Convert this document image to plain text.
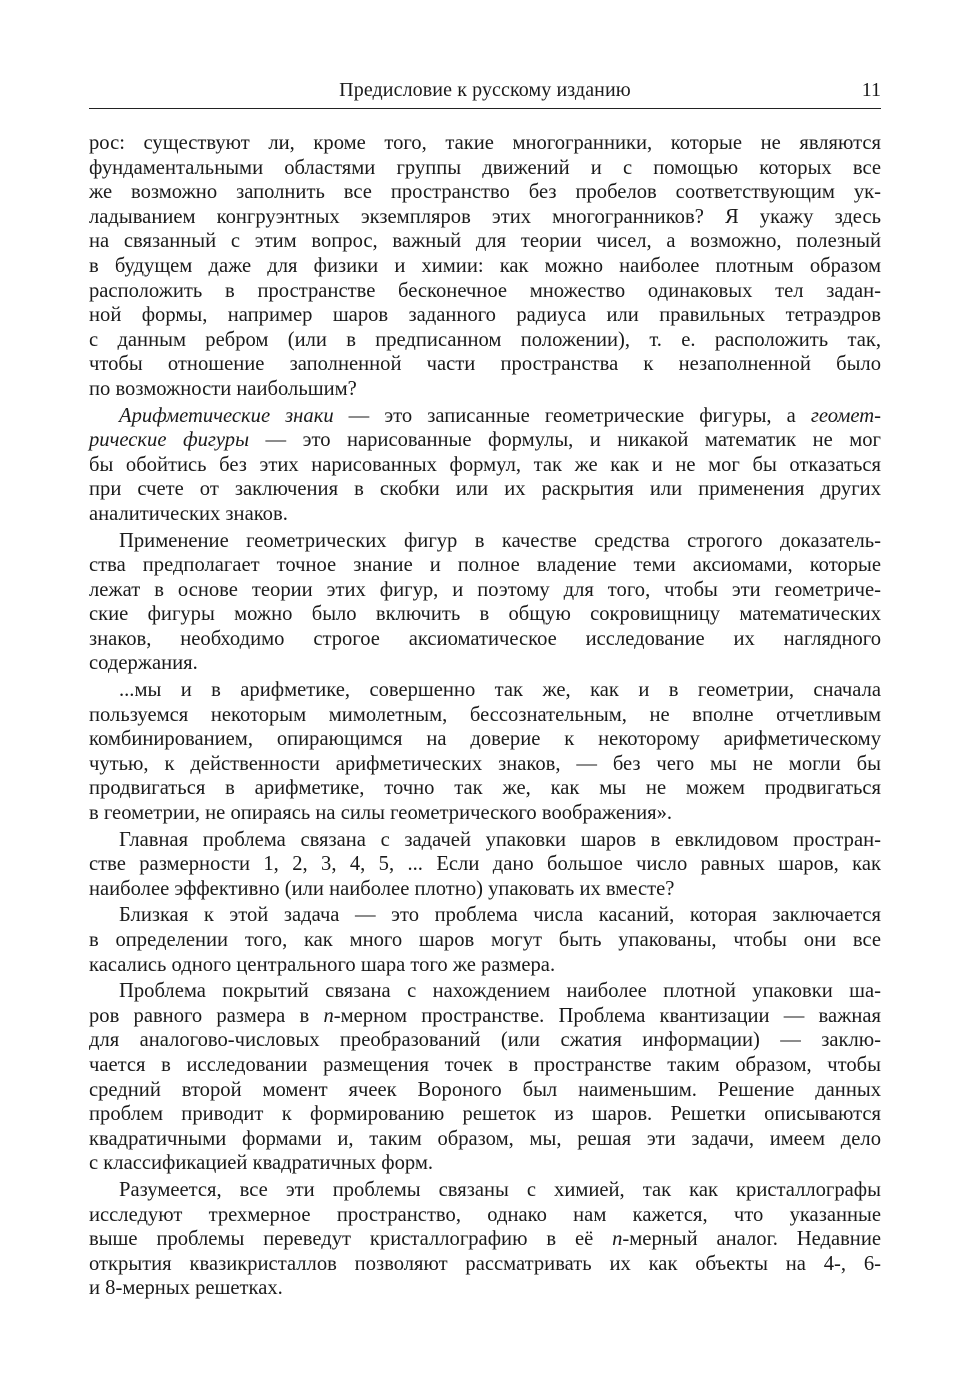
Предисловие к русскому изданию	11

рос: существуют ли, кроме того, такие многогранники, которые не являются
фундаментальными областями группы движений и с помощью которых все
же возможно заполнить все пространство без пробелов соответствующим ук-
ладыванием конгруэнтных экземпляров этих многогранников? Я укажу здесь
на связанный с этим вопрос, важный для теории чисел, а возможно, полезный
в будущем даже для физики и химии: как можно наиболее плотным образом
расположить в пространстве бесконечное множество одинаковых тел задан-
ной формы, например шаров заданного радиуса или правильных тетраэдров
с данным ребром (или в предписанном положении), т. е. расположить так,
чтобы отношение заполненной части пространства к незаполненной было
по возможности наибольшим?

Арифметические знаки — это записанные геометрические фигуры, а геомет-
рические фигуры — это нарисованные формулы, и никакой математик не мог
бы обойтись без этих нарисованных формул, так же как и не мог бы отказаться
при счете от заключения в скобки или их раскрытия или применения других
аналитических знаков.

Применение геометрических фигур в качестве средства строгого доказатель-
ства предполагает точное знание и полное владение теми аксиомами, которые
лежат в основе теории этих фигур, и поэтому для того, чтобы эти геометриче-
ские фигуры можно было включить в общую сокровищницу математических
знаков, необходимо строгое аксиоматическое исследование их наглядного
содержания.

...мы и в арифметике, совершенно так же, как и в геометрии, сначала
пользуемся некоторым мимолетным, бессознательным, не вполне отчетливым
комбинированием, опирающимся на доверие к некоторому арифметическому
чутью, к действенности арифметических знаков, — без чего мы не могли бы
продвигаться в арифметике, точно так же, как мы не можем продвигаться
в геометрии, не опираясь на силы геометрического воображения».

Главная проблема связана с задачей упаковки шаров в евклидовом простран-
стве размерности 1, 2, 3, 4, 5, ... Если дано большое число равных шаров, как
наиболее эффективно (или наиболее плотно) упаковать их вместе?

Близкая к этой задача — это проблема числа касаний, которая заключается
в определении того, как много шаров могут быть упакованы, чтобы они все
касались одного центрального шара того же размера.

Проблема покрытий связана с нахождением наиболее плотной упаковки ша-
ров равного размера в n-мерном пространстве. Проблема квантизации — важная
для аналогово-числовых преобразований (или сжатия информации) — заклю-
чается в исследовании размещения точек в пространстве таким образом, чтобы
средний второй момент ячеек Вороного был наименьшим. Решение данных
проблем приводит к формированию решеток из шаров. Решетки описываются
квадратичными формами и, таким образом, мы, решая эти задачи, имеем дело
с классификацией квадратичных форм.

Разумеется, все эти проблемы связаны с химией, так как кристаллографы
исследуют трехмерное пространство, однако нам кажется, что указанные
выше проблемы переведут кристаллографию в её n-мерный аналог. Недавние
открытия квазикристаллов позволяют рассматривать их как объекты на 4-, 6-
и 8-мерных решетках.
